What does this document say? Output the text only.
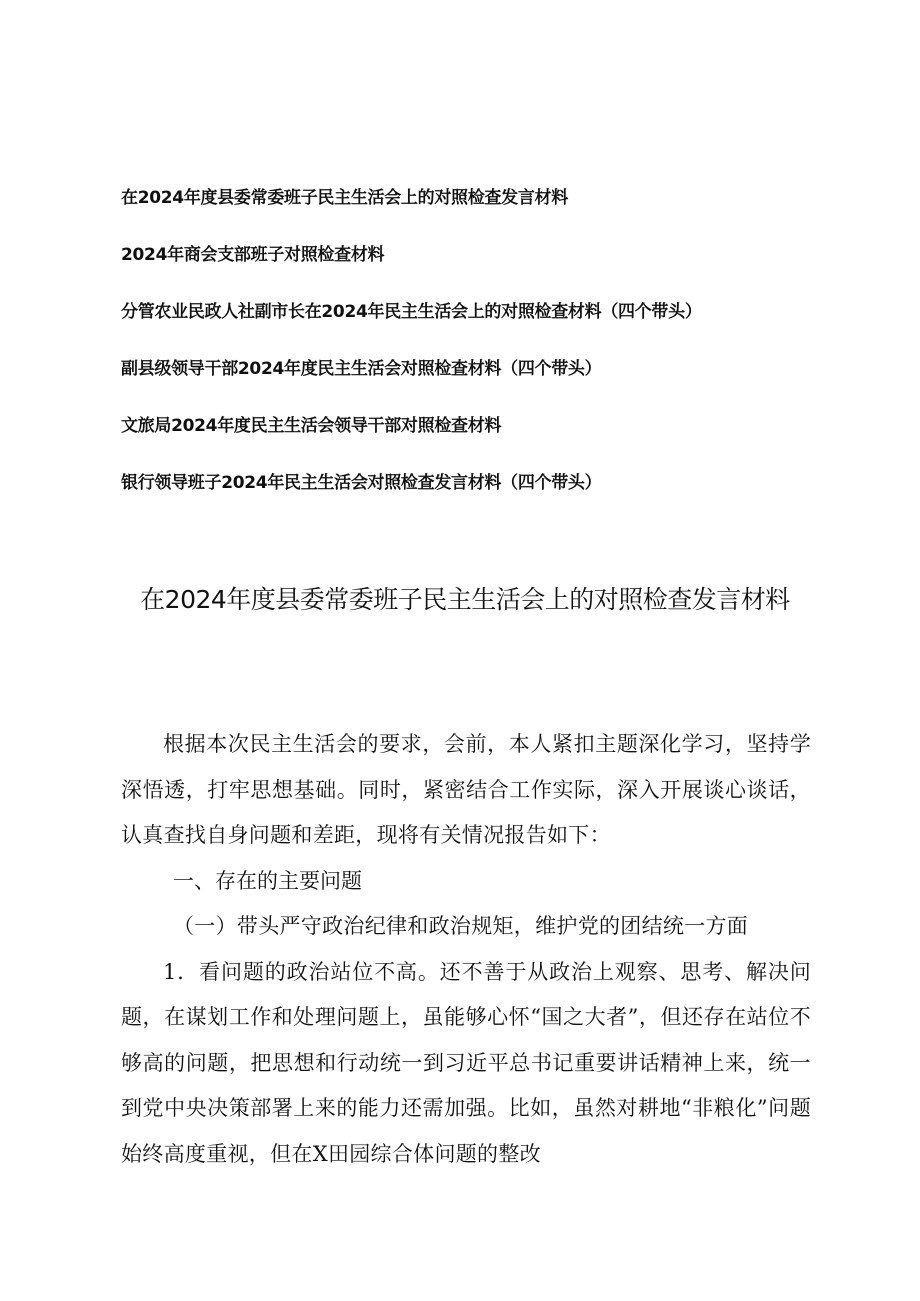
在2024年度县委常委班子民主生活会上的对照检查发言材料
2024年商会支部班子对照检查材料
分管农业民政人社副市长在2024年民主生活会上的对照检查材料（四个带头）
副县级领导干部2024年度民主生活会对照检查材料（四个带头）
文旅局2024年度民主生活会领导干部对照检查材料
银行领导班子2024年民主生活会对照检查发言材料（四个带头）
在2024年度县委常委班子民主生活会上的对照检查发言材料

根据本次民主生活会的要求，会前，本人紧扣主题深化学习，坚持学深悟透，打牢思想基础。同时，紧密结合工作实际，深入开展谈心谈话，认真查找自身问题和差距，现将有关情况报告如下：

一、存在的主要问题

（一）带头严守政治纪律和政治规矩，维护党的团结统一方面

1．看问题的政治站位不高。还不善于从政治上观察、思考、解决问题，在谋划工作和处理问题上，虽能够心怀“国之大者”，但还存在站位不够高的问题，把思想和行动统一到习近平总书记重要讲话精神上来，统一到党中央决策部署上来的能力还需加强。比如，虽然对耕地“非粮化”问题始终高度重视，但在X田园综合体问题的整改
